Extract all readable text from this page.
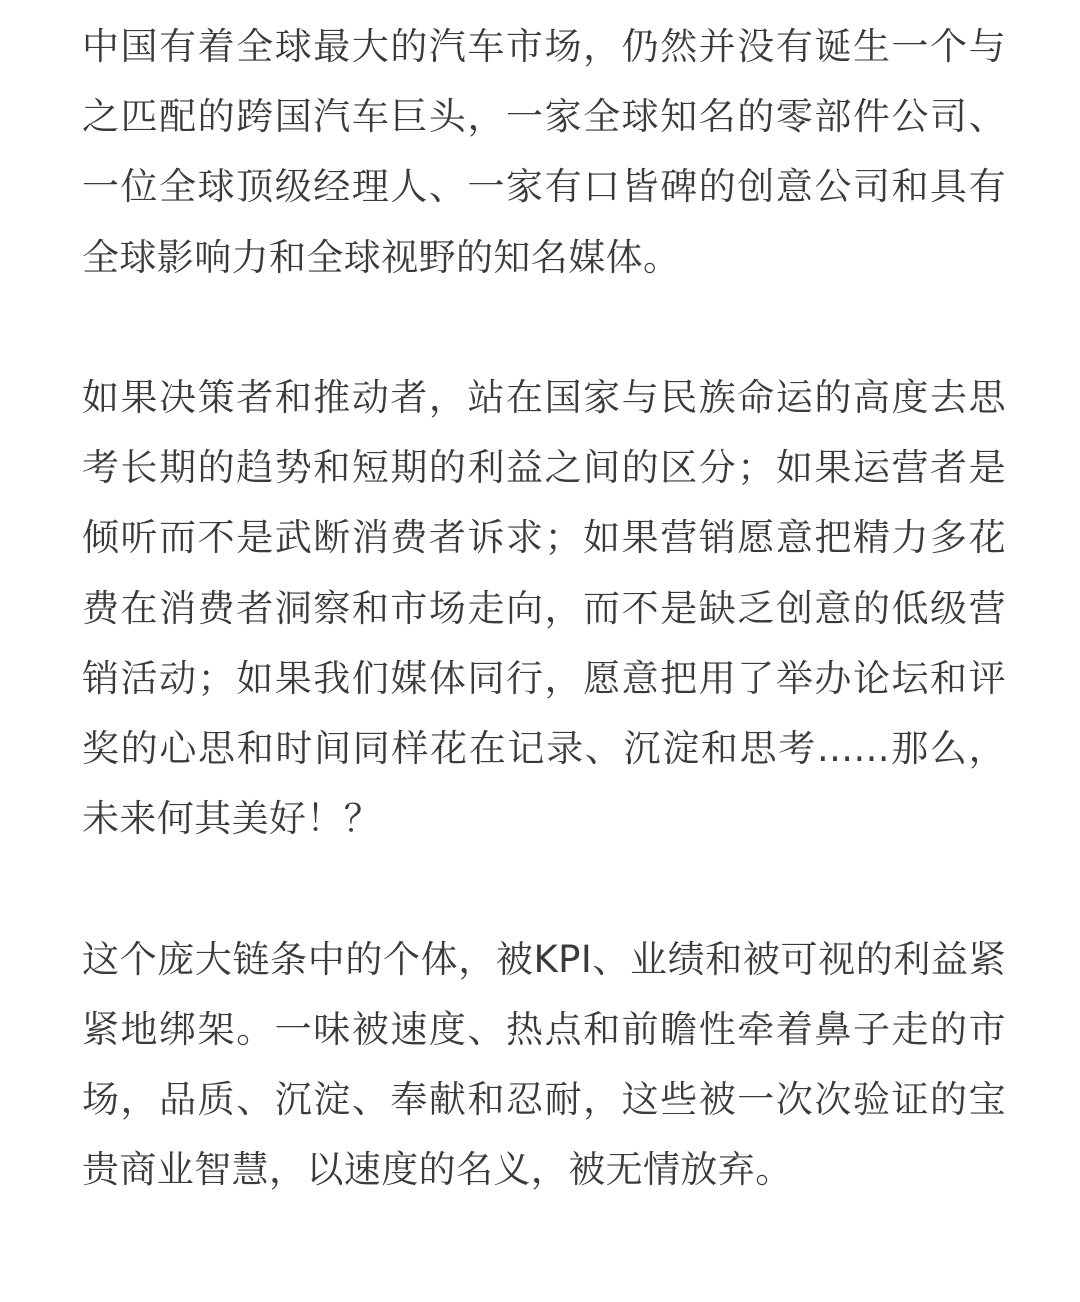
中国有着全球最大的汽车市场，仍然并没有诞生一个与之匹配的跨国汽车巨头，一家全球知名的零部件公司、一位全球顶级经理人、一家有口皆碑的创意公司和具有全球影响力和全球视野的知名媒体。

如果决策者和推动者，站在国家与民族命运的高度去思考长期的趋势和短期的利益之间的区分；如果运营者是倾听而不是武断消费者诉求；如果营销愿意把精力多花费在消费者洞察和市场走向，而不是缺乏创意的低级营销活动；如果我们媒体同行，愿意把用了举办论坛和评奖的心思和时间同样花在记录、沉淀和思考......那么，未来何其美好！？

这个庞大链条中的个体，被KPI、业绩和被可视的利益紧紧地绑架。一味被速度、热点和前瞻性牵着鼻子走的市场，品质、沉淀、奉献和忍耐，这些被一次次验证的宝贵商业智慧，以速度的名义，被无情放弃。
